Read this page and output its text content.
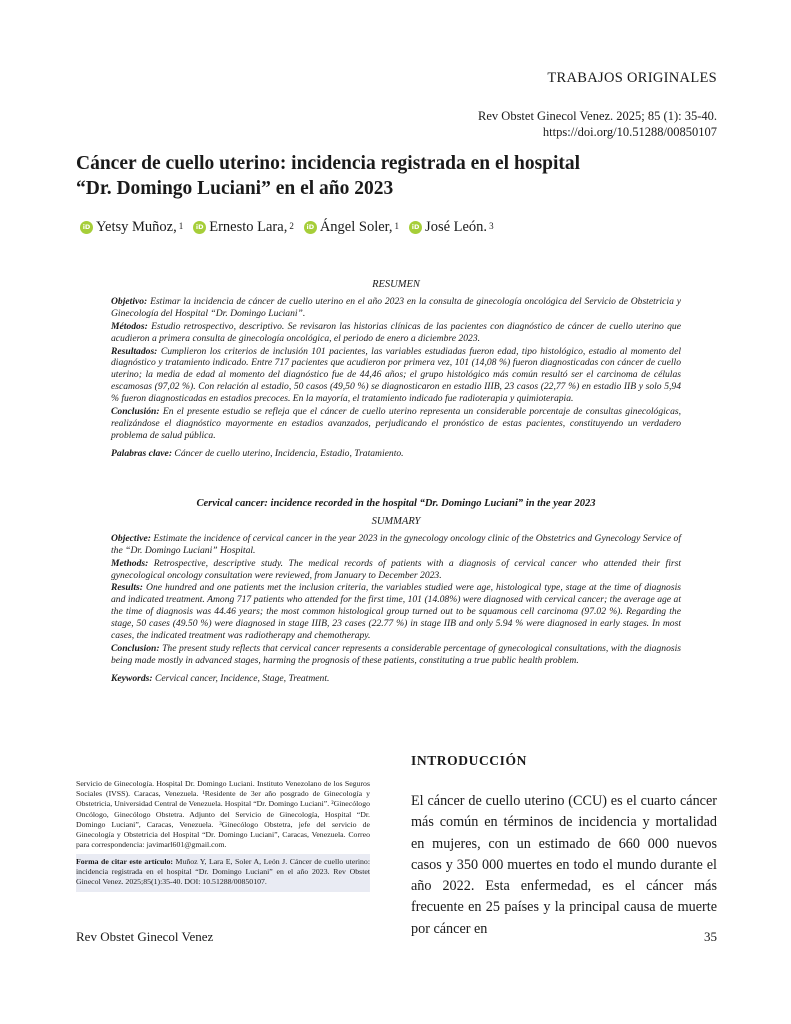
TRABAJOS ORIGINALES
Rev Obstet Ginecol Venez. 2025; 85 (1): 35-40.
https://doi.org/10.51288/00850107
Cáncer de cuello uterino: incidencia registrada en el hospital
“Dr. Domingo Luciani” en el año 2023
iD Yetsy Muñoz,$^1$	iD Ernesto Lara,$^2$	iD Ángel Soler,$^1$	iD José León.$^3$
RESUMEN

Objetivo: Estimar la incidencia de cáncer de cuello uterino en el año 2023 en la consulta de ginecología oncológica del Servicio de Obstetricia y Ginecología del Hospital “Dr. Domingo Luciani”.

Métodos: Estudio retrospectivo, descriptivo. Se revisaron las historias clínicas de las pacientes con diagnóstico de cáncer de cuello uterino que acudieron a primera consulta de ginecología oncológica, el periodo de enero a diciembre 2023.

Resultados: Cumplieron los criterios de inclusión 101 pacientes, las variables estudiadas fueron edad, tipo histológico, estadio al momento del diagnóstico y tratamiento indicado. Entre 717 pacientes que acudieron por primera vez, 101 (14,08 %) fueron diagnosticadas con cáncer de cuello uterino; la media de edad al momento del diagnóstico fue de 44,46 años; el grupo histológico más común resultó ser el carcinoma de células escamosas (97,02 %). Con relación al estadio, 50 casos (49,50 %) se diagnosticaron en estadio IIIB, 23 casos (22,77 %) en estadio IIB y solo 5,94 % fueron diagnosticadas en estadios precoces. En la mayoría, el tratamiento indicado fue radioterapia y quimioterapia.

Conclusión: En el presente estudio se refleja que el cáncer de cuello uterino representa un considerable porcentaje de consultas ginecológicas, realizándose el diagnóstico mayormente en estadios avanzados, perjudicando el pronóstico de estas pacientes, constituyendo un verdadero problema de salud pública.

Palabras clave: Cáncer de cuello uterino, Incidencia, Estadio, Tratamiento.

Cervical cancer: incidence recorded in the hospital “Dr. Domingo Luciani” in the year 2023
SUMMARY

Objective: Estimate the incidence of cervical cancer in the year 2023 in the gynecology oncology clinic of the Obstetrics and Gynecology Service of the “Dr. Domingo Luciani” Hospital.

Methods: Retrospective, descriptive study. The medical records of patients with a diagnosis of cervical cancer who attended their first gynecological oncology consultation were reviewed, from January to December 2023.

Results: One hundred and one patients met the inclusion criteria, the variables studied were age, histological type, stage at the time of diagnosis and indicated treatment. Among 717 patients who attended for the first time, 101 (14.08%) were diagnosed with cervical cancer; the average age at the time of diagnosis was 44.46 years; the most common histological group turned out to be squamous cell carcinoma (97.02 %). Regarding the stage, 50 cases (49.50 %) were diagnosed in stage IIIB, 23 cases (22.77 %) in stage IIB and only 5.94 % were diagnosed in early stages. In most cases, the indicated treatment was radiotherapy and chemotherapy.

Conclusion: The present study reflects that cervical cancer represents a considerable percentage of gynecological consultations, with the diagnosis being made mostly in advanced stages, harming the prognosis of these patients, constituting a true public health problem.

Keywords: Cervical cancer, Incidence, Stage, Treatment.

Servicio de Ginecología. Hospital Dr. Domingo Luciani. Instituto Venezolano de los Seguros Sociales (IVSS). Caracas, Venezuela. ¹Residente de 3er año posgrado de Ginecología y Obstetricia, Universidad Central de Venezuela. Hospital “Dr. Domingo Luciani”. ²Ginecólogo Oncólogo, Ginecólogo Obstetra. Adjunto del Servicio de Ginecología, Hospital “Dr. Domingo Luciani”, Caracas, Venezuela. ³Ginecólogo Obstetra, jefe del servicio de Ginecología y Obstetricia del Hospital “Dr. Domingo Luciani”, Caracas, Venezuela. Correo para correspondencia: javimarl601@gmail.com.
Forma de citar este artículo: Muñoz Y, Lara E, Soler A, León J. Cáncer de cuello uterino: incidencia registrada en el hospital “Dr. Domingo Luciani” en el año 2023. Rev Obstet Ginecol Venez. 2025;85(1):35-40. DOI: 10.51288/00850107.
INTRODUCCIÓN
El cáncer de cuello uterino (CCU) es el cuarto cáncer más común en términos de incidencia y mortalidad en mujeres, con un estimado de 660 000 nuevos casos y 350 000 muertes en todo el mundo durante el año 2022. Esta enfermedad, es el cáncer más frecuente en 25 países y la principal causa de muerte por cáncer en
Rev Obstet Ginecol Venez	35
